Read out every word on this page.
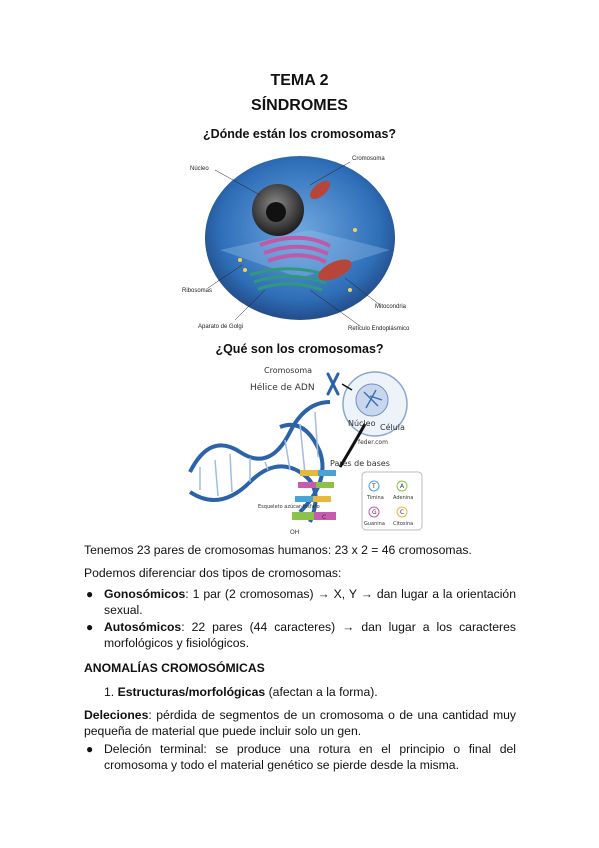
TEMA 2
SÍNDROMES
¿Dónde están los cromosomas?
Núcleo
Cromosoma
Ribosomas
Mitocondria
Aparato de Golgi	Retículo Endoplásmico
¿Qué son los cromosomas?
C
T	A
Timina Adenina
G	C
Guanina Citosina
Cromosoma
Hélice de ADN
Núcleo Célula
feder.com
Pares de bases
Esqueleto azúcar-fosfato
OH
Tenemos 23 pares de cromosomas humanos: 23 x 2 = 46 cromosomas.
Podemos diferenciar dos tipos de cromosomas:
● Gonosómicos: 1 par (2 cromosomas) → X, Y → dan lugar a la orientación sexual.
● Autosómicos: 22 pares (44 caracteres) → dan lugar a los caracteres morfológicos y fisiológicos.
ANOMALÍAS CROMOSÓMICAS
1. Estructuras/morfológicas (afectan a la forma).
Deleciones: pérdida de segmentos de un cromosoma o de una cantidad muy pequeña de material que puede incluir solo un gen.
● Deleción terminal: se produce una rotura en el principio o final del cromosoma y todo el material genético se pierde desde la misma.
